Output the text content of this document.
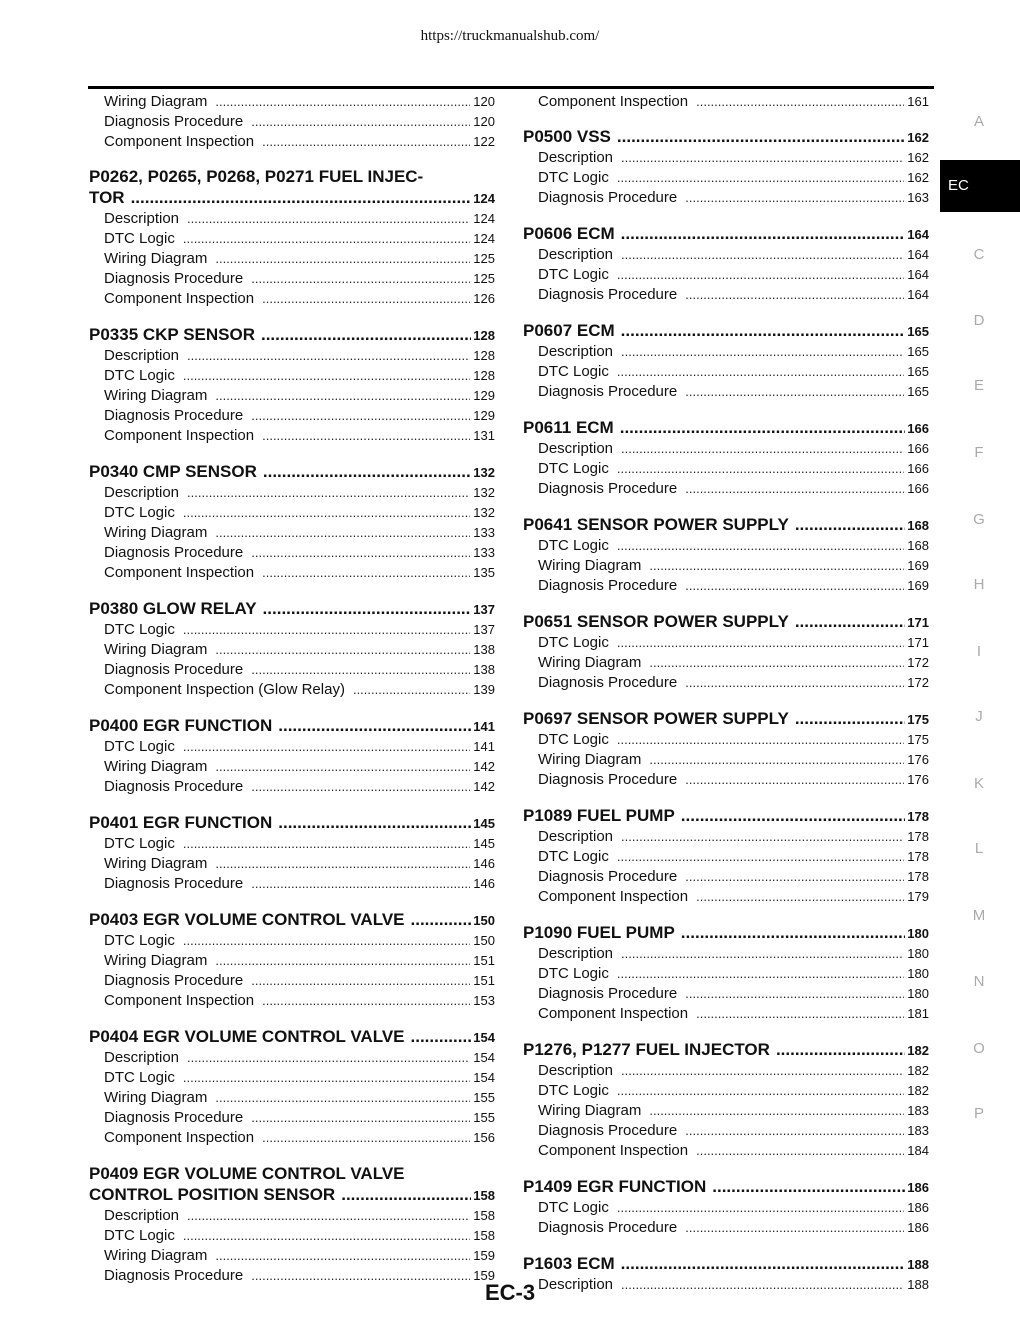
https://truckmanualshub.com/
Wiring Diagram .....	120
Diagnosis Procedure .....	120
Component Inspection .....	122
P0262, P0265, P0268, P0271 FUEL INJEC-
TOR .....	124
Description .....	124
DTC Logic .....	124
Wiring Diagram .....	125
Diagnosis Procedure .....	125
Component Inspection .....	126
P0335 CKP SENSOR .....	128
Description .....	128
DTC Logic .....	128
Wiring Diagram .....	129
Diagnosis Procedure .....	129
Component Inspection .....	131
P0340 CMP SENSOR .....	132
Description .....	132
DTC Logic .....	132
Wiring Diagram .....	133
Diagnosis Procedure .....	133
Component Inspection .....	135
P0380 GLOW RELAY .....	137
DTC Logic .....	137
Wiring Diagram .....	138
Diagnosis Procedure .....	138
Component Inspection (Glow Relay) .....	139
P0400 EGR FUNCTION .....	141
DTC Logic .....	141
Wiring Diagram .....	142
Diagnosis Procedure .....	142
P0401 EGR FUNCTION .....	145
DTC Logic .....	145
Wiring Diagram .....	146
Diagnosis Procedure .....	146
P0403 EGR VOLUME CONTROL VALVE .....	150
DTC Logic .....	150
Wiring Diagram .....	151
Diagnosis Procedure .....	151
Component Inspection .....	153
P0404 EGR VOLUME CONTROL VALVE .....	154
Description .....	154
DTC Logic .....	154
Wiring Diagram .....	155
Diagnosis Procedure .....	155
Component Inspection .....	156
P0409 EGR VOLUME CONTROL VALVE
CONTROL POSITION SENSOR .....	158
Description .....	158
DTC Logic .....	158
Wiring Diagram .....	159
Diagnosis Procedure .....	159
Component Inspection .....	161
P0500 VSS .....	162
Description .....	162
DTC Logic .....	162
Diagnosis Procedure .....	163
P0606 ECM .....	164
Description .....	164
DTC Logic .....	164
Diagnosis Procedure .....	164
P0607 ECM .....	165
Description .....	165
DTC Logic .....	165
Diagnosis Procedure .....	165
P0611 ECM .....	166
Description .....	166
DTC Logic .....	166
Diagnosis Procedure .....	166
P0641 SENSOR POWER SUPPLY .....	168
DTC Logic .....	168
Wiring Diagram .....	169
Diagnosis Procedure .....	169
P0651 SENSOR POWER SUPPLY .....	171
DTC Logic .....	171
Wiring Diagram .....	172
Diagnosis Procedure .....	172
P0697 SENSOR POWER SUPPLY .....	175
DTC Logic .....	175
Wiring Diagram .....	176
Diagnosis Procedure .....	176
P1089 FUEL PUMP .....	178
Description .....	178
DTC Logic .....	178
Diagnosis Procedure .....	178
Component Inspection .....	179
P1090 FUEL PUMP .....	180
Description .....	180
DTC Logic .....	180
Diagnosis Procedure .....	180
Component Inspection .....	181
P1276, P1277 FUEL INJECTOR .....	182
Description .....	182
DTC Logic .....	182
Wiring Diagram .....	183
Diagnosis Procedure .....	183
Component Inspection .....	184
P1409 EGR FUNCTION .....	186
DTC Logic .....	186
Diagnosis Procedure .....	186
P1603 ECM .....	188
Description .....	188
A
EC
C
D
E
F
G
H
I
J
K
L
M
N
O
P
EC-3
